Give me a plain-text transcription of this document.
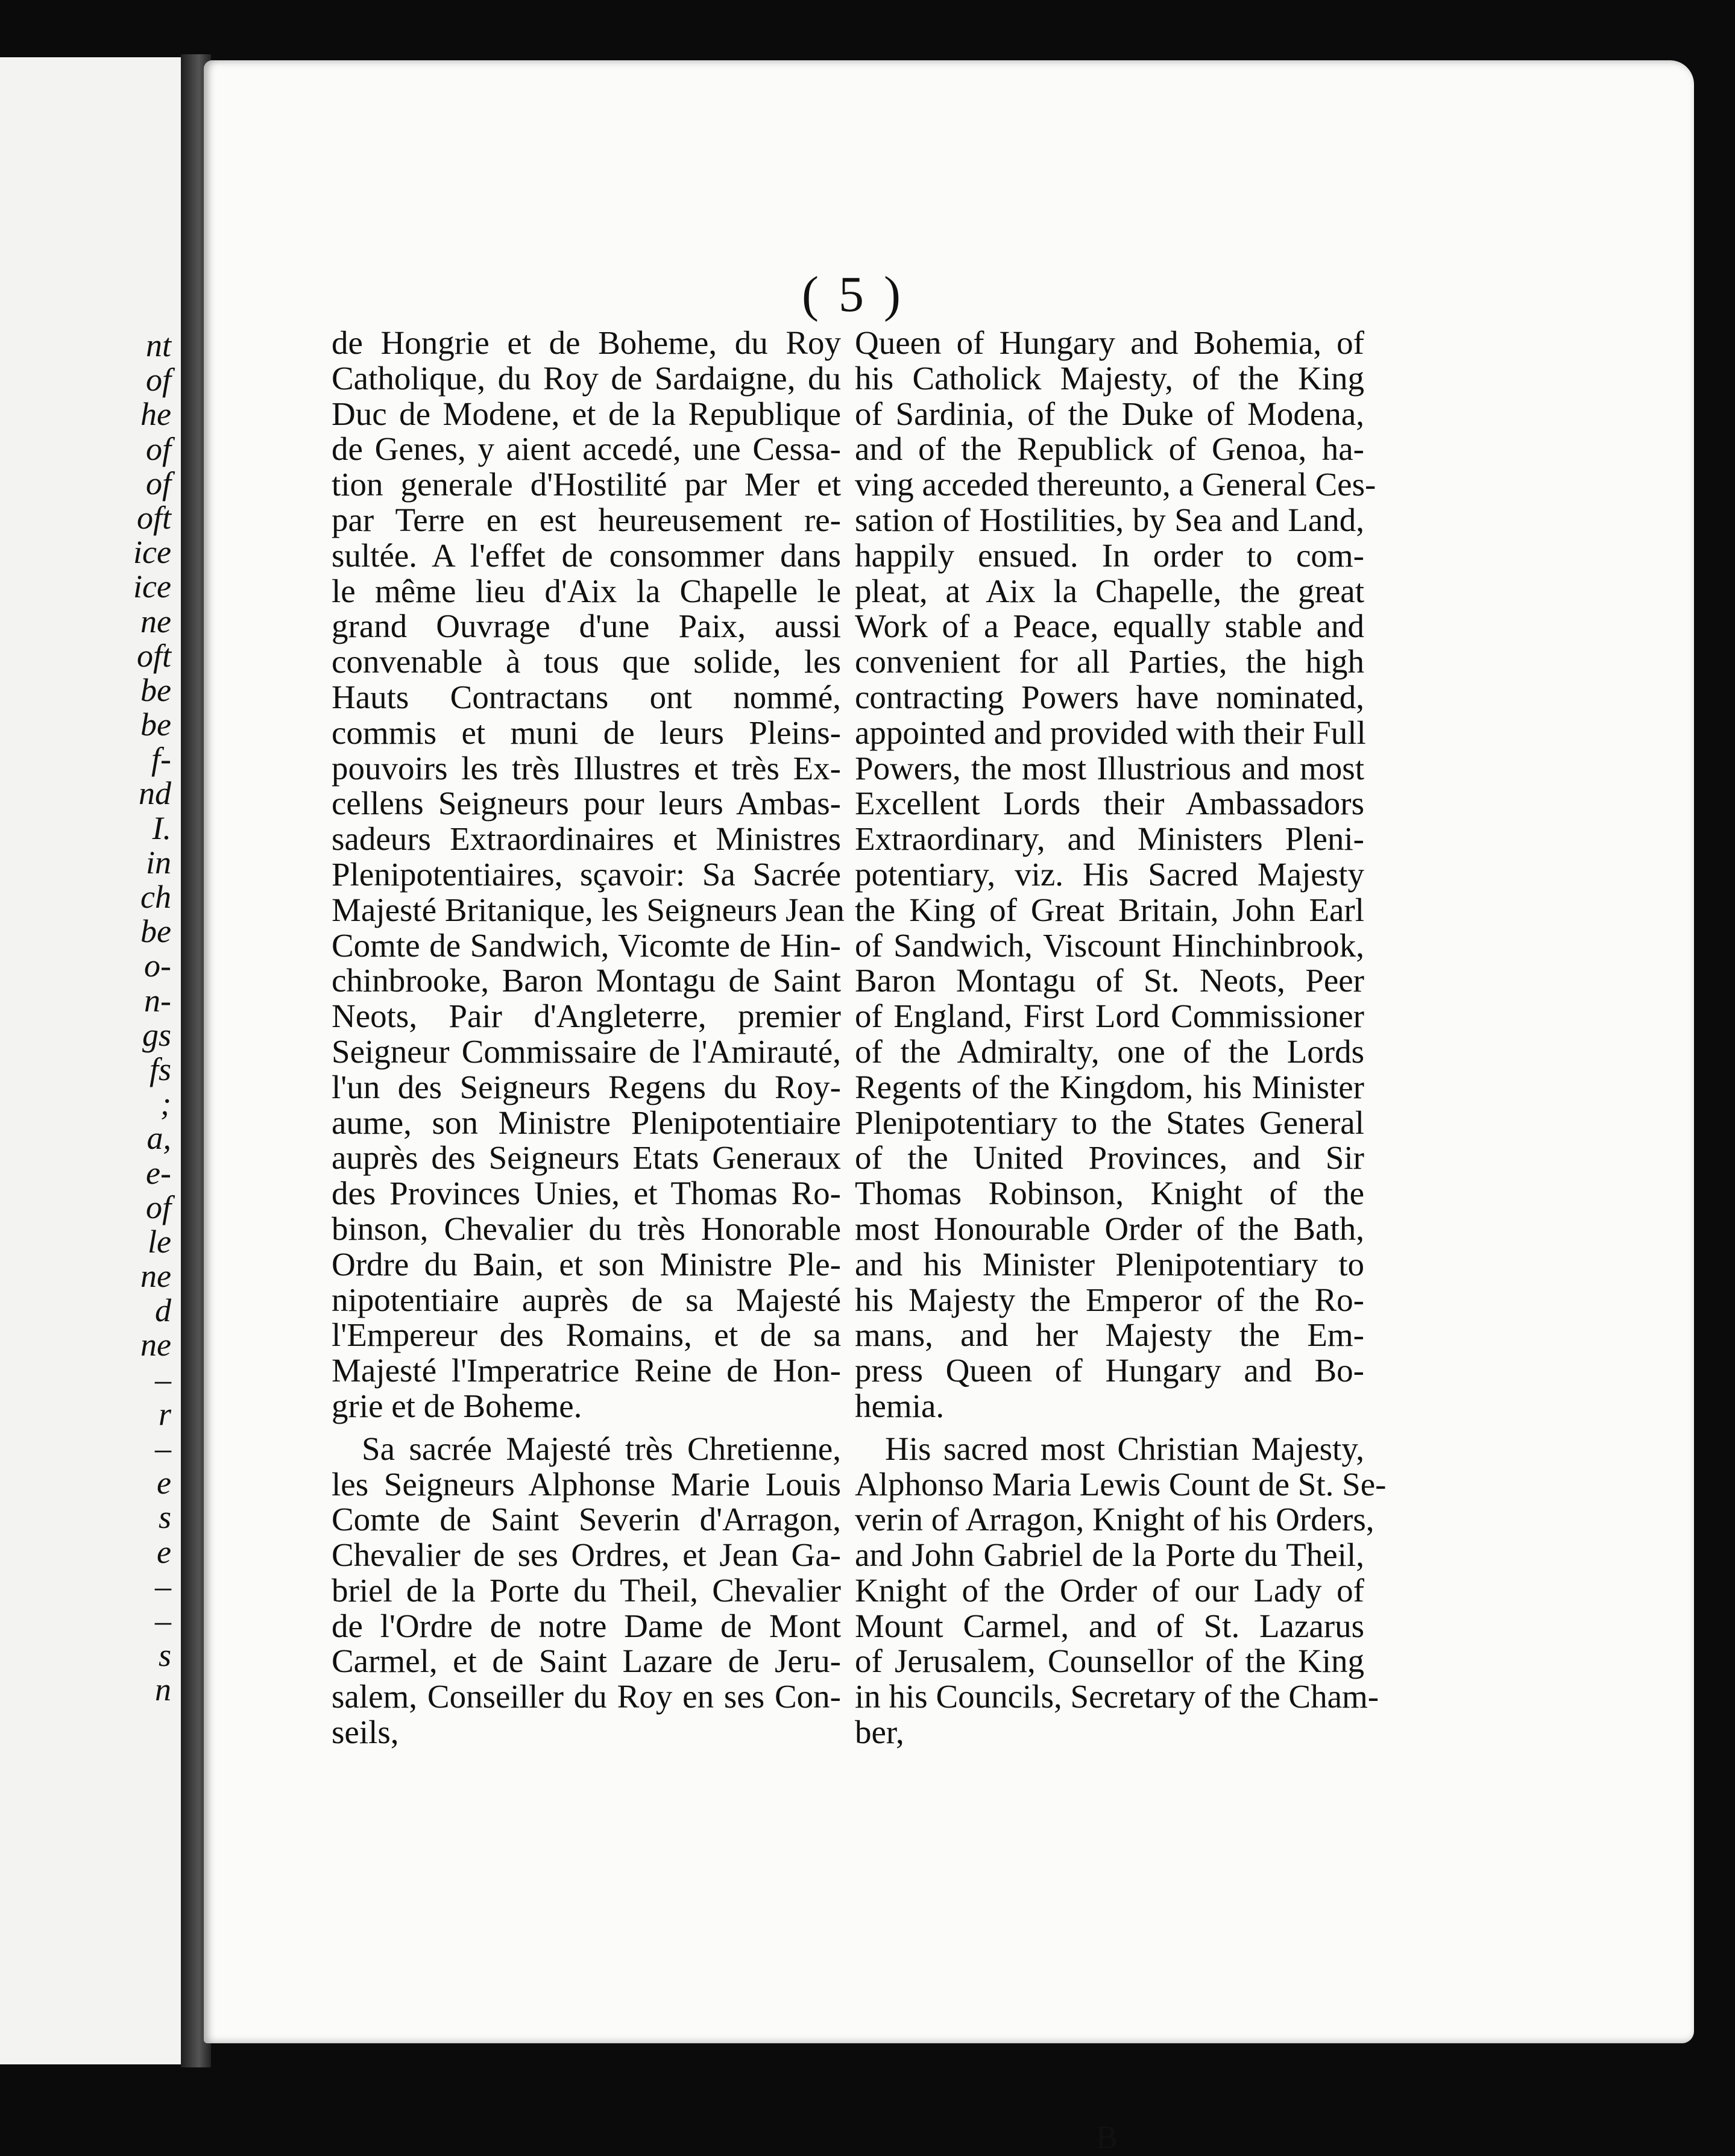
nt
of
he
of
of
oft
ice
ice
ne
oft
be
be
f-
nd
I.
in
ch
be
o-
n-
gs
fs
;
a,
e-
of
le
ne
d
ne
–
r
–
e
s
e
–
–
s
n
( 5 )
de Hongrie et de Boheme, du Roy
Catholique, du Roy de Sardaigne, du
Duc de Modene, et de la Republique
de Genes, y aient accedé, une Cessa-
tion generale d'Hostilité par Mer et
par Terre en est heureusement re-
sultée. A l'effet de consommer dans
le même lieu d'Aix la Chapelle le
grand Ouvrage d'une Paix, aussi
convenable à tous que solide, les
Hauts Contractans ont nommé,
commis et muni de leurs Pleins-
pouvoirs les très Illustres et très Ex-
cellens Seigneurs pour leurs Ambas-
sadeurs Extraordinaires et Ministres
Plenipotentiaires, sçavoir: Sa Sacrée
Majesté Britanique, les Seigneurs Jean
Comte de Sandwich, Vicomte de Hin-
chinbrooke, Baron Montagu de Saint
Neots, Pair d'Angleterre, premier
Seigneur Commissaire de l'Amirauté,
l'un des Seigneurs Regens du Roy-
aume, son Ministre Plenipotentiaire
auprès des Seigneurs Etats Generaux
des Provinces Unies, et Thomas Ro-
binson, Chevalier du très Honorable
Ordre du Bain, et son Ministre Ple-
nipotentiaire auprès de sa Majesté
l'Empereur des Romains, et de sa
Majesté l'Imperatrice Reine de Hon-
grie et de Boheme.
Sa sacrée Majesté très Chretienne,
les Seigneurs Alphonse Marie Louis
Comte de Saint Severin d'Arragon,
Chevalier de ses Ordres, et Jean Ga-
briel de la Porte du Theil, Chevalier
de l'Ordre de notre Dame de Mont
Carmel, et de Saint Lazare de Jeru-
salem, Conseiller du Roy en ses Con-
seils,
Queen of Hungary and Bohemia, of
his Catholick Majesty, of the King
of Sardinia, of the Duke of Modena,
and of the Republick of Genoa, ha-
ving acceded thereunto, a General Ces-
sation of Hostilities, by Sea and Land,
happily ensued. In order to com-
pleat, at Aix la Chapelle, the great
Work of a Peace, equally stable and
convenient for all Parties, the high
contracting Powers have nominated,
appointed and provided with their Full
Powers, the most Illustrious and most
Excellent Lords their Ambassadors
Extraordinary, and Ministers Pleni-
potentiary, viz. His Sacred Majesty
the King of Great Britain, John Earl
of Sandwich, Viscount Hinchinbrook,
Baron Montagu of St. Neots, Peer
of England, First Lord Commissioner
of the Admiralty, one of the Lords
Regents of the Kingdom, his Minister
Plenipotentiary to the States General
of the United Provinces, and Sir
Thomas Robinson, Knight of the
most Honourable Order of the Bath,
and his Minister Plenipotentiary to
his Majesty the Emperor of the Ro-
mans, and her Majesty the Em-
press Queen of Hungary and Bo-
hemia.
His sacred most Christian Majesty,
Alphonso Maria Lewis Count de St. Se-
verin of Arragon, Knight of his Orders,
and John Gabriel de la Porte du Theil,
Knight of the Order of our Lady of
Mount Carmel, and of St. Lazarus
of Jerusalem, Counsellor of the King
in his Councils, Secretary of the Cham-
ber,
B
